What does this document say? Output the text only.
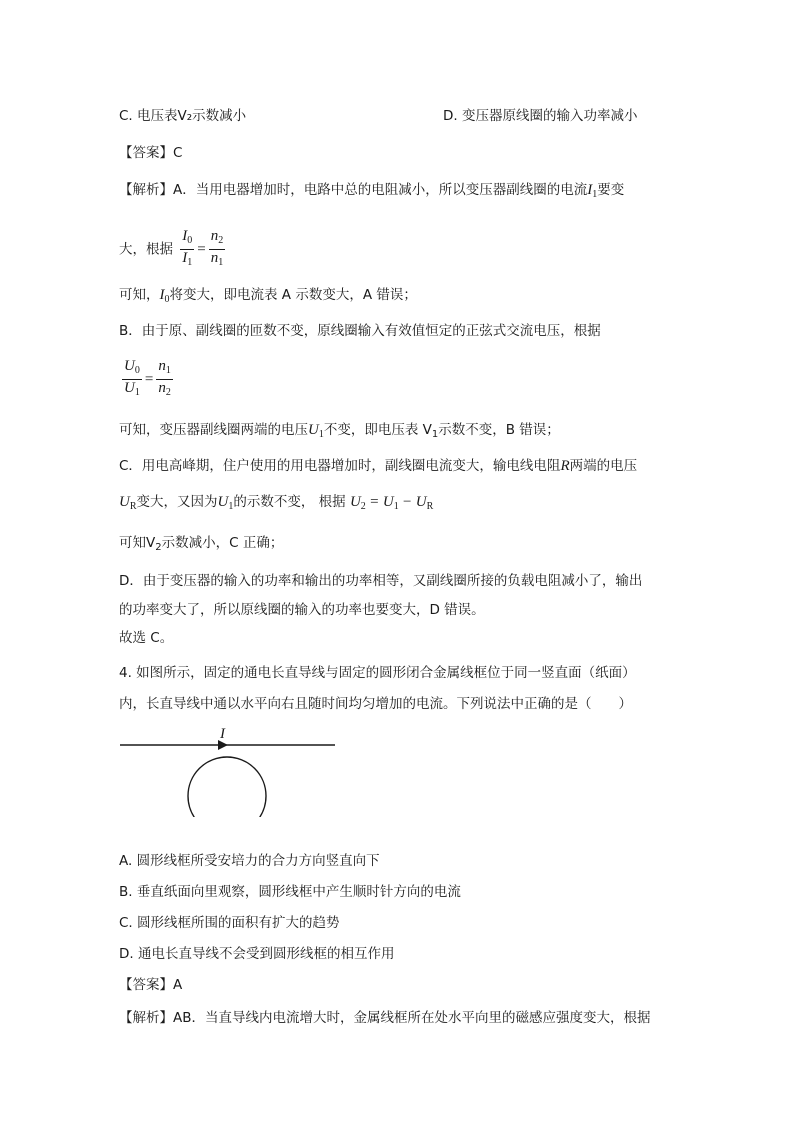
C. 电压表V₂示数减小	D. 变压器原线圈的输入功率减小
【答案】C
【解析】A．当用电器增加时，电路中总的电阻减小，所以变压器副线圈的电流$I_1$要变
大，根据 $\frac{I_0}{I_1} = \frac{n_2}{n_1}$
可知，$I_0$将变大，即电流表 A 示数变大，A 错误；
B．由于原、副线圈的匝数不变，原线圈输入有效值恒定的正弦式交流电压，根据
$\frac{U_0}{U_1} = \frac{n_1}{n_2}$
可知，变压器副线圈两端的电压$U_1$不变，即电压表 $V_1$示数不变，B 错误；
C．用电高峰期，住户使用的用电器增加时，副线圈电流变大，输电线电阻R两端的电压
$U_R$变大，又因为$U_1$的示数不变， 根据 $U_2 = U_1 - U_R$
可知$V_2$示数减小，C 正确；
D．由于变压器的输入的功率和输出的功率相等，又副线圈所接的负载电阻减小了，输出
的功率变大了，所以原线圈的输入的功率也要变大，D 错误。
故选 C。
4. 如图所示，固定的通电长直导线与固定的圆形闭合金属线框位于同一竖直面（纸面）
内，长直导线中通以水平向右且随时间均匀增加的电流。下列说法中正确的是（　　）
I
A. 圆形线框所受安培力的合力方向竖直向下
B. 垂直纸面向里观察，圆形线框中产生顺时针方向的电流
C. 圆形线框所围的面积有扩大的趋势
D. 通电长直导线不会受到圆形线框的相互作用
【答案】A
【解析】AB．当直导线内电流增大时，金属线框所在处水平向里的磁感应强度变大，根据
